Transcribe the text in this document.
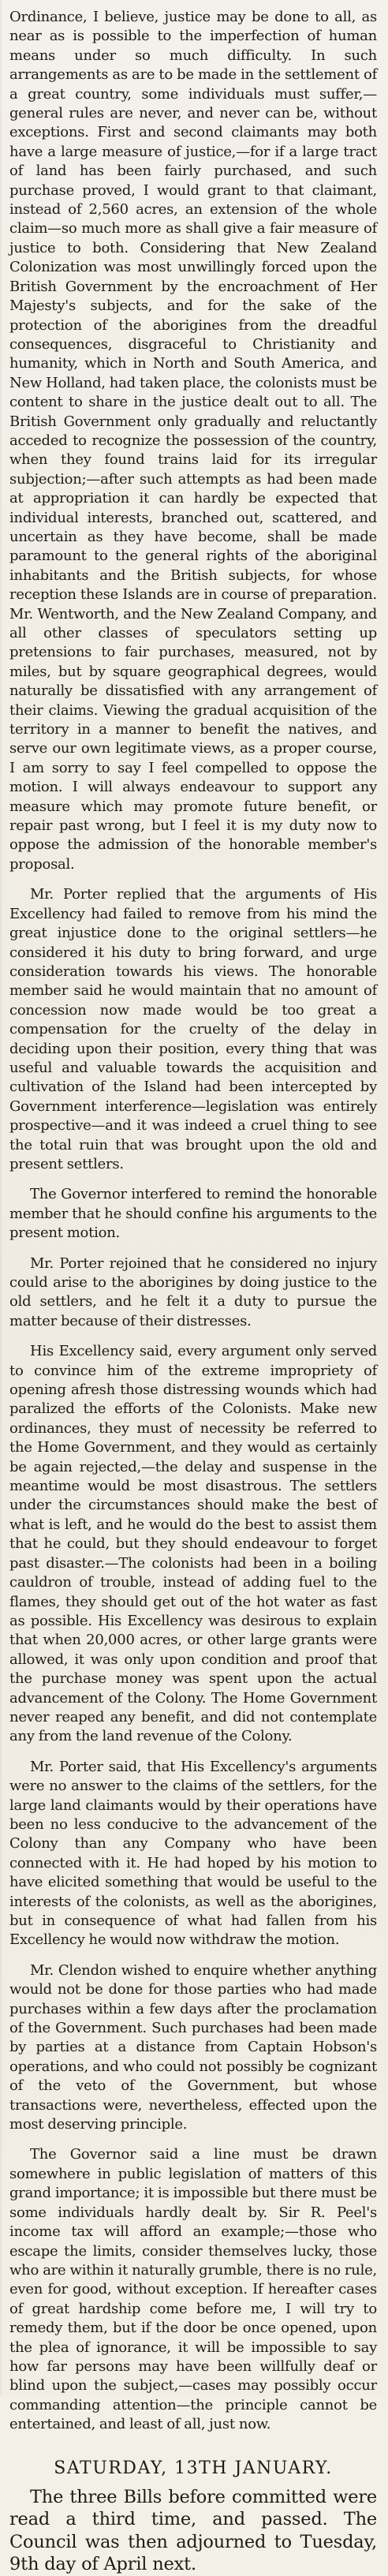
Ordinance, I believe, justice may be done to all, as near as is possible to the imperfection of human means under so much difficulty. In such arrangements as are to be made in the settlement of a great country, some individuals must suffer,—general rules are never, and never can be, without exceptions. First and second claimants may both have a large measure of justice,—for if a large tract of land has been fairly purchased, and such purchase proved, I would grant to that claimant, instead of 2,560 acres, an extension of the whole claim—so much more as shall give a fair measure of justice to both. Considering that New Zealand Colonization was most unwillingly forced upon the British Government by the encroachment of Her Majesty's subjects, and for the sake of the protection of the aborigines from the dreadful consequences, disgraceful to Christianity and humanity, which in North and South America, and New Holland, had taken place, the colonists must be content to share in the justice dealt out to all. The British Government only gradually and reluctantly acceded to recognize the possession of the country, when they found trains laid for its irregular subjection;—after such attempts as had been made at appropriation it can hardly be expected that individual interests, branched out, scattered, and uncertain as they have become, shall be made paramount to the general rights of the aboriginal inhabitants and the British subjects, for whose reception these Islands are in course of preparation. Mr. Wentworth, and the New Zealand Company, and all other classes of speculators setting up pretensions to fair purchases, measured, not by miles, but by square geographical degrees, would naturally be dissatisfied with any arrangement of their claims. Viewing the gradual acquisition of the territory in a manner to benefit the natives, and serve our own legitimate views, as a proper course, I am sorry to say I feel compelled to oppose the motion. I will always endeavour to support any measure which may promote future benefit, or repair past wrong, but I feel it is my duty now to oppose the admission of the honorable member's proposal.

Mr. Porter replied that the arguments of His Excellency had failed to remove from his mind the great injustice done to the original settlers—he considered it his duty to bring forward, and urge consideration towards his views. The honorable member said he would maintain that no amount of concession now made would be too great a compensation for the cruelty of the delay in deciding upon their position, every thing that was useful and valuable towards the acquisition and cultivation of the Island had been intercepted by Government interference—legislation was entirely prospective—and it was indeed a cruel thing to see the total ruin that was brought upon the old and present settlers.

The Governor interfered to remind the honorable member that he should confine his arguments to the present motion.

Mr. Porter rejoined that he considered no injury could arise to the aborigines by doing justice to the old settlers, and he felt it a duty to pursue the matter because of their distresses.

His Excellency said, every argument only served to convince him of the extreme impropriety of opening afresh those distressing wounds which had paralized the efforts of the Colonists. Make new ordinances, they must of necessity be referred to the Home Government, and they would as certainly be again rejected,—the delay and suspense in the meantime would be most disastrous. The settlers under the circumstances should make the best of what is left, and he would do the best to assist them that he could, but they should endeavour to forget past disaster.—The colonists had been in a boiling cauldron of trouble, instead of adding fuel to the flames, they should get out of the hot water as fast as possible. His Excellency was desirous to explain that when 20,000 acres, or other large grants were allowed, it was only upon condition and proof that the purchase money was spent upon the actual advancement of the Colony. The Home Government never reaped any benefit, and did not contemplate any from the land revenue of the Colony.

Mr. Porter said, that His Excellency's arguments were no answer to the claims of the settlers, for the large land claimants would by their operations have been no less conducive to the advancement of the Colony than any Company who have been connected with it. He had hoped by his motion to have elicited something that would be useful to the interests of the colonists, as well as the aborigines, but in consequence of what had fallen from his Excellency he would now withdraw the motion.

Mr. Clendon wished to enquire whether anything would not be done for those parties who had made purchases within a few days after the proclamation of the Government. Such purchases had been made by parties at a distance from Captain Hobson's operations, and who could not possibly be cognizant of the veto of the Government, but whose transactions were, nevertheless, effected upon the most deserving principle.

The Governor said a line must be drawn somewhere in public legislation of matters of this grand importance; it is impossible but there must be some individuals hardly dealt by. Sir R. Peel's income tax will afford an example;—those who escape the limits, consider themselves lucky, those who are within it naturally grumble, there is no rule, even for good, without exception. If hereafter cases of great hardship come before me, I will try to remedy them, but if the door be once opened, upon the plea of ignorance, it will be impossible to say how far persons may have been willfully deaf or blind upon the subject,—cases may possibly occur commanding attention—the principle cannot be entertained, and least of all, just now.

SATURDAY, 13TH JANUARY.

The three Bills before committed were read a third time, and passed. The Council was then adjourned to Tuesday, 9th day of April next.
